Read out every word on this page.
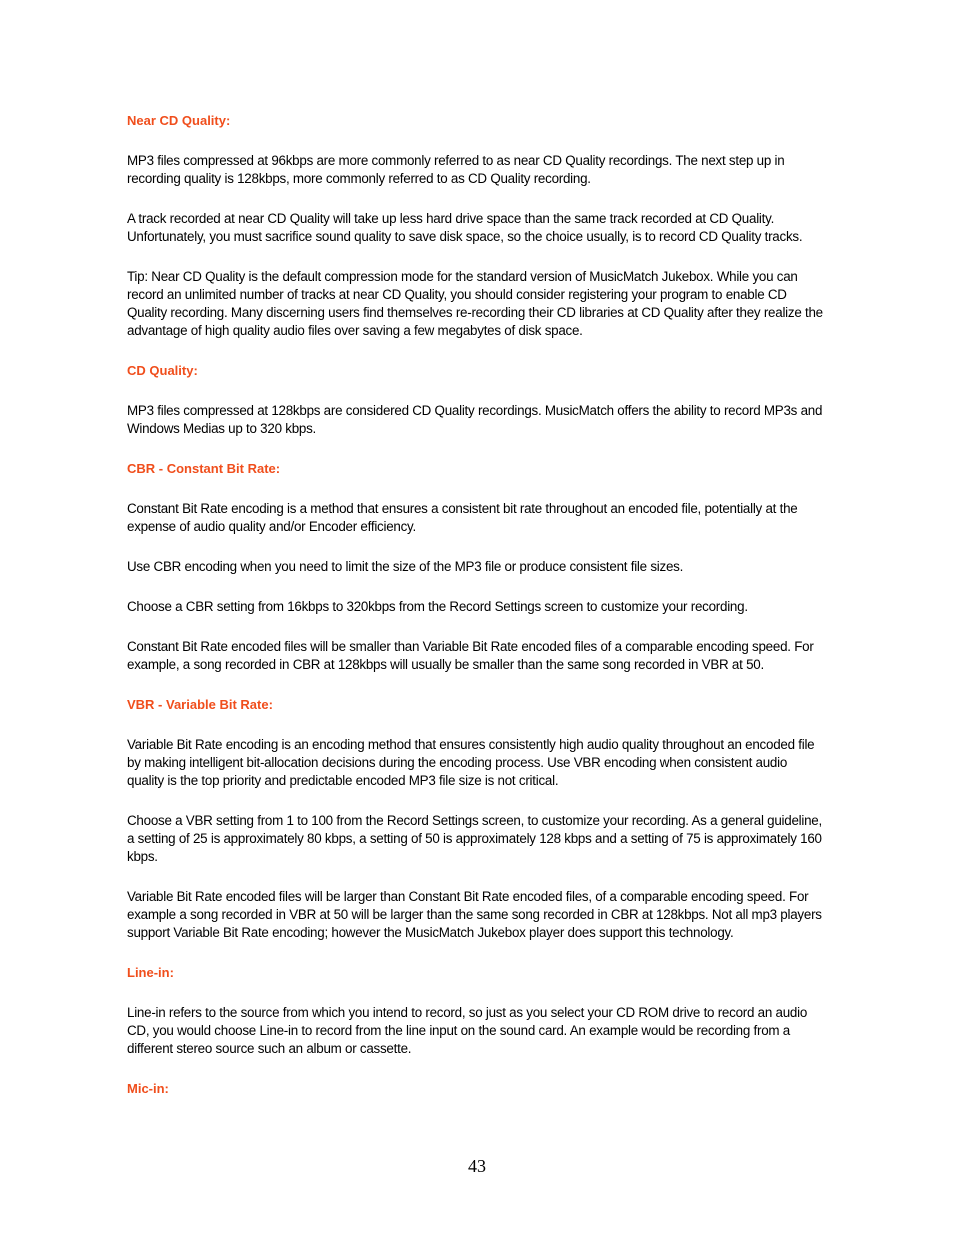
Near CD Quality:

MP3 files compressed at 96kbps are more commonly referred to as near CD Quality recordings. The next step up in recording quality is 128kbps, more commonly referred to as CD Quality recording.

A track recorded at near CD Quality will take up less hard drive space than the same track recorded at CD Quality. Unfortunately, you must sacrifice sound quality to save disk space, so the choice usually, is to record CD Quality tracks.

Tip: Near CD Quality is the default compression mode for the standard version of MusicMatch Jukebox. While you can record an unlimited number of tracks at near CD Quality, you should consider registering your program to enable CD Quality recording. Many discerning users find themselves re-recording their CD libraries at CD Quality after they realize the advantage of high quality audio files over saving a few megabytes of disk space.

CD Quality:

MP3 files compressed at 128kbps are considered CD Quality recordings. MusicMatch offers the ability to record MP3s and Windows Medias up to 320 kbps.

CBR - Constant Bit Rate:

Constant Bit Rate encoding is a method that ensures a consistent bit rate throughout an encoded file, potentially at the expense of audio quality and/or Encoder efficiency.

Use CBR encoding when you need to limit the size of the MP3 file or produce consistent file sizes.

Choose a CBR setting from 16kbps to 320kbps from the Record Settings screen to customize your recording.

Constant Bit Rate encoded files will be smaller than Variable Bit Rate encoded files of a comparable encoding speed. For example, a song recorded in CBR at 128kbps will usually be smaller than the same song recorded in VBR at 50.

VBR - Variable Bit Rate:

Variable Bit Rate encoding is an encoding method that ensures consistently high audio quality throughout an encoded file by making intelligent bit-allocation decisions during the encoding process. Use VBR encoding when consistent audio quality is the top priority and predictable encoded MP3 file size is not critical.

Choose a VBR setting from 1 to 100 from the Record Settings screen, to customize your recording. As a general guideline, a setting of 25 is approximately 80 kbps, a setting of 50 is approximately 128 kbps and a setting of 75 is approximately 160 kbps.

Variable Bit Rate encoded files will be larger than Constant Bit Rate encoded files, of a comparable encoding speed. For example a song recorded in VBR at 50 will be larger than the same song recorded in CBR at 128kbps. Not all mp3 players support Variable Bit Rate encoding; however the MusicMatch Jukebox player does support this technology.

Line-in:

Line-in refers to the source from which you intend to record, so just as you select your CD ROM drive to record an audio CD, you would choose Line-in to record from the line input on the sound card. An example would be recording from a different stereo source such an album or cassette.

Mic-in:
43
